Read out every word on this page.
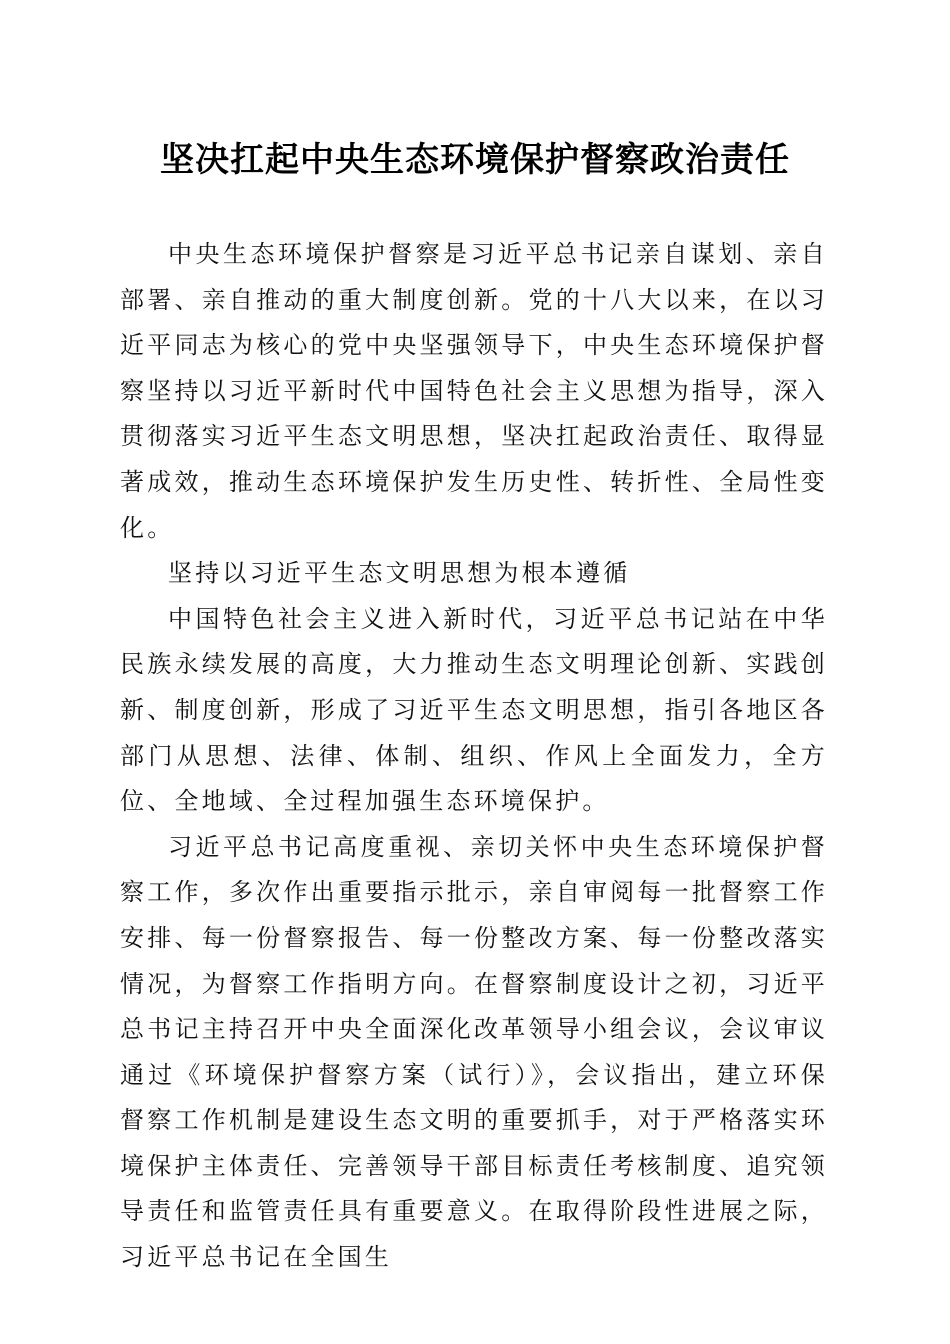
坚决扛起中央生态环境保护督察政治责任

中央生态环境保护督察是习近平总书记亲自谋划、亲自部署、亲自推动的重大制度创新。党的十八大以来，在以习近平同志为核心的党中央坚强领导下，中央生态环境保护督察坚持以习近平新时代中国特色社会主义思想为指导，深入贯彻落实习近平生态文明思想，坚决扛起政治责任、取得显著成效，推动生态环境保护发生历史性、转折性、全局性变化。

坚持以习近平生态文明思想为根本遵循

中国特色社会主义进入新时代，习近平总书记站在中华民族永续发展的高度，大力推动生态文明理论创新、实践创新、制度创新，形成了习近平生态文明思想，指引各地区各部门从思想、法律、体制、组织、作风上全面发力，全方位、全地域、全过程加强生态环境保护。

习近平总书记高度重视、亲切关怀中央生态环境保护督察工作，多次作出重要指示批示，亲自审阅每一批督察工作安排、每一份督察报告、每一份整改方案、每一份整改落实情况，为督察工作指明方向。在督察制度设计之初，习近平总书记主持召开中央全面深化改革领导小组会议，会议审议通过《环境保护督察方案（试行）》，会议指出，建立环保督察工作机制是建设生态文明的重要抓手，对于严格落实环境保护主体责任、完善领导干部目标责任考核制度、追究领导责任和监管责任具有重要意义。在取得阶段性进展之际，习近平总书记在全国生
